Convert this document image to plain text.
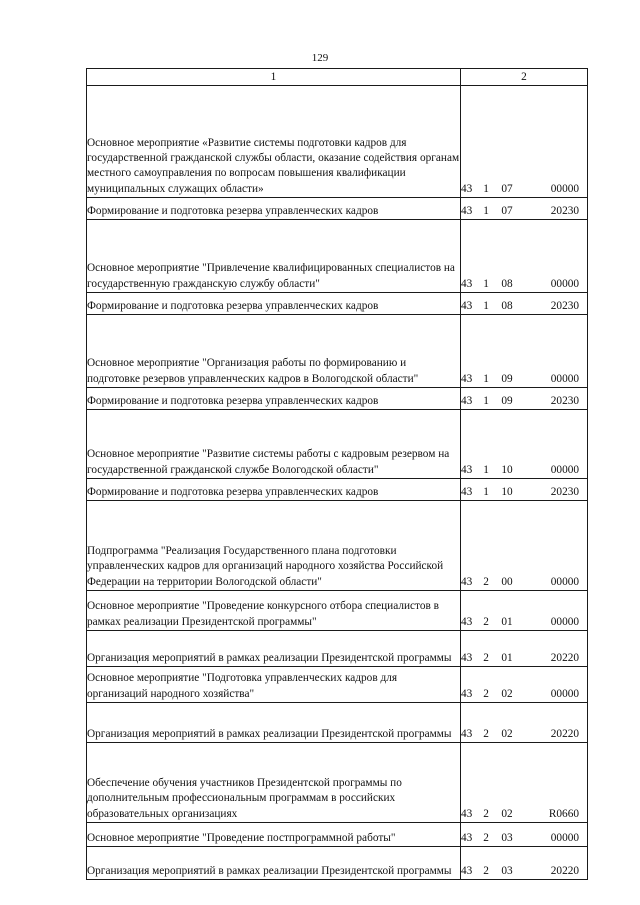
129
1	2
Основное мероприятие «Развитие системы подготовки кадров для государственной гражданской службы области, оказание содействия органам местного самоуправления по вопросам повышения квалификации муниципальных служащих области»	43 1 07 00000
Формирование и подготовка резерва управленческих кадров	43 1 07 20230
Основное мероприятие "Привлечение квалифицированных специалистов на государственную гражданскую службу области"	43 1 08 00000
Формирование и подготовка резерва управленческих кадров	43 1 08 20230
Основное мероприятие "Организация работы по формированию и подготовке резервов управленческих кадров в Вологодской области"	43 1 09 00000
Формирование и подготовка резерва управленческих кадров	43 1 09 20230
Основное мероприятие "Развитие системы работы с кадровым резервом на государственной гражданской службе Вологодской области"	43 1 10 00000
Формирование и подготовка резерва управленческих кадров	43 1 10 20230
Подпрограмма "Реализация Государственного плана подготовки управленческих кадров для организаций народного хозяйства Российской Федерации на территории Вологодской области"	43 2 00 00000
Основное мероприятие "Проведение конкурсного отбора специалистов в рамках реализации Президентской программы"	43 2 01 00000
Организация мероприятий в рамках реализации Президентской программы	43 2 01 20220
Основное мероприятие "Подготовка управленческих кадров для организаций народного хозяйства"	43 2 02 00000
Организация мероприятий в рамках реализации Президентской программы	43 2 02 20220
Обеспечение обучения участников Президентской программы по дополнительным профессиональным программам в российских образовательных организациях	43 2 02 R0660
Основное мероприятие "Проведение постпрограммной работы"	43 2 03 00000
Организация мероприятий в рамках реализации Президентской программы	43 2 03 20220
